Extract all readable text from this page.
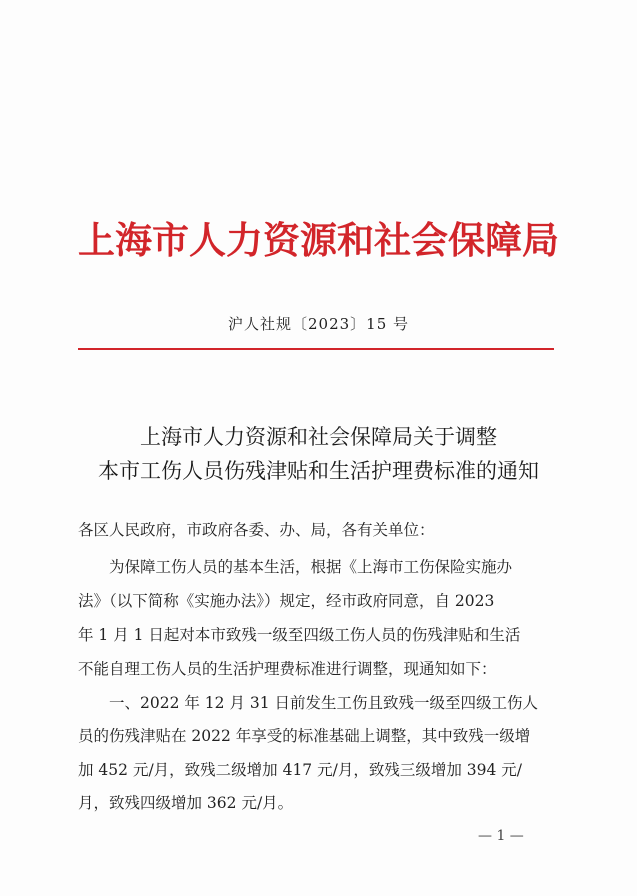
上海市人力资源和社会保障局
沪人社规〔2023〕15 号
上海市人力资源和社会保障局关于调整
本市工伤人员伤残津贴和生活护理费标准的通知
各区人民政府，市政府各委、办、局，各有关单位：
　　为保障工伤人员的基本生活，根据《上海市工伤保险实施办
法》（以下简称《实施办法》）规定，经市政府同意，自 2023
年 1 月 1 日起对本市致残一级至四级工伤人员的伤残津贴和生活
不能自理工伤人员的生活护理费标准进行调整，现通知如下：
　　一、2022 年 12 月 31 日前发生工伤且致残一级至四级工伤人
员的伤残津贴在 2022 年享受的标准基础上调整，其中致残一级增
加 452 元/月，致残二级增加 417 元/月，致残三级增加 394 元/
月，致残四级增加 362 元/月。
— 1 —
